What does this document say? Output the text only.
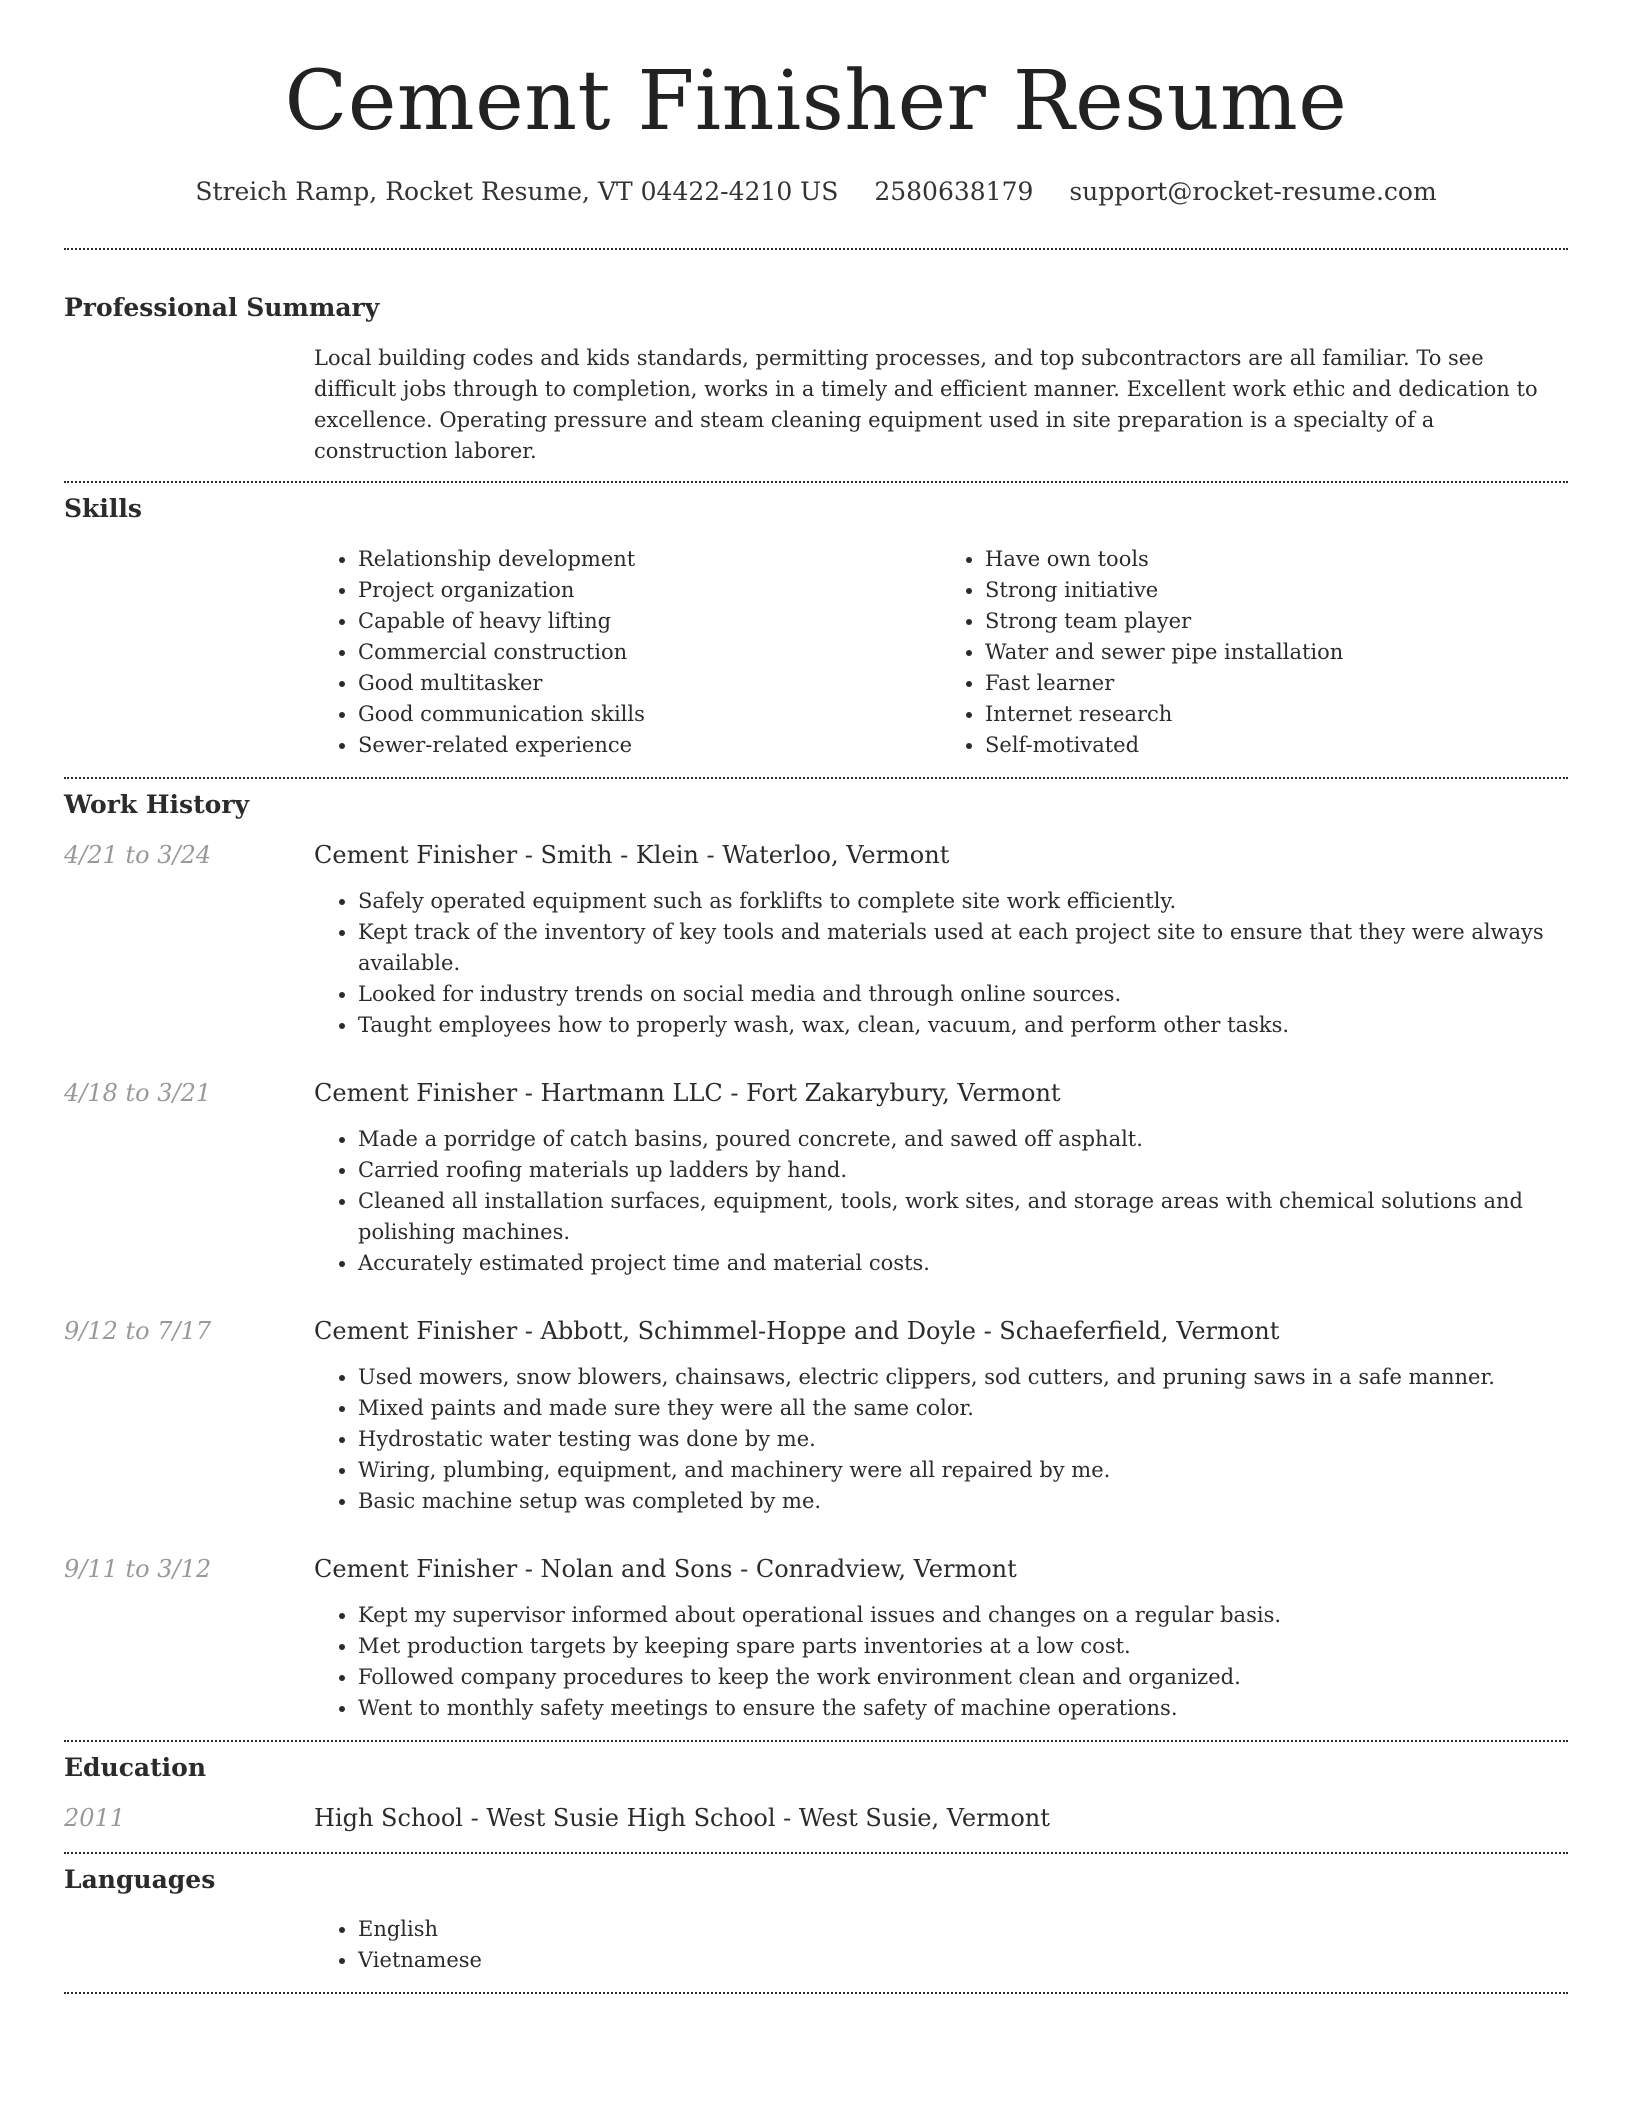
Cement Finisher Resume
Streich Ramp, Rocket Resume, VT 04422-4210 US 2580638179 support@rocket-resume.com
Professional Summary
Local building codes and kids standards, permitting processes, and top subcontractors are all familiar. To see difficult jobs through to completion, works in a timely and efficient manner. Excellent work ethic and dedication to excellence. Operating pressure and steam cleaning equipment used in site preparation is a specialty of a construction laborer.
Skills
• Relationship development
• Project organization
• Capable of heavy lifting
• Commercial construction
• Good multitasker
• Good communication skills
• Sewer-related experience
• Have own tools
• Strong initiative
• Strong team player
• Water and sewer pipe installation
• Fast learner
• Internet research
• Self-motivated
Work History
4/21 to 3/24	Cement Finisher - Smith - Klein - Waterloo, Vermont
• Safely operated equipment such as forklifts to complete site work efficiently.
• Kept track of the inventory of key tools and materials used at each project site to ensure that they were always available.
• Looked for industry trends on social media and through online sources.
• Taught employees how to properly wash, wax, clean, vacuum, and perform other tasks.
4/18 to 3/21	Cement Finisher - Hartmann LLC - Fort Zakarybury, Vermont
• Made a porridge of catch basins, poured concrete, and sawed off asphalt.
• Carried roofing materials up ladders by hand.
• Cleaned all installation surfaces, equipment, tools, work sites, and storage areas with chemical solutions and polishing machines.
• Accurately estimated project time and material costs.
9/12 to 7/17	Cement Finisher - Abbott, Schimmel-Hoppe and Doyle - Schaeferfield, Vermont
• Used mowers, snow blowers, chainsaws, electric clippers, sod cutters, and pruning saws in a safe manner.
• Mixed paints and made sure they were all the same color.
• Hydrostatic water testing was done by me.
• Wiring, plumbing, equipment, and machinery were all repaired by me.
• Basic machine setup was completed by me.
9/11 to 3/12	Cement Finisher - Nolan and Sons - Conradview, Vermont
• Kept my supervisor informed about operational issues and changes on a regular basis.
• Met production targets by keeping spare parts inventories at a low cost.
• Followed company procedures to keep the work environment clean and organized.
• Went to monthly safety meetings to ensure the safety of machine operations.
Education
2011	High School - West Susie High School - West Susie, Vermont
Languages
• English
• Vietnamese
